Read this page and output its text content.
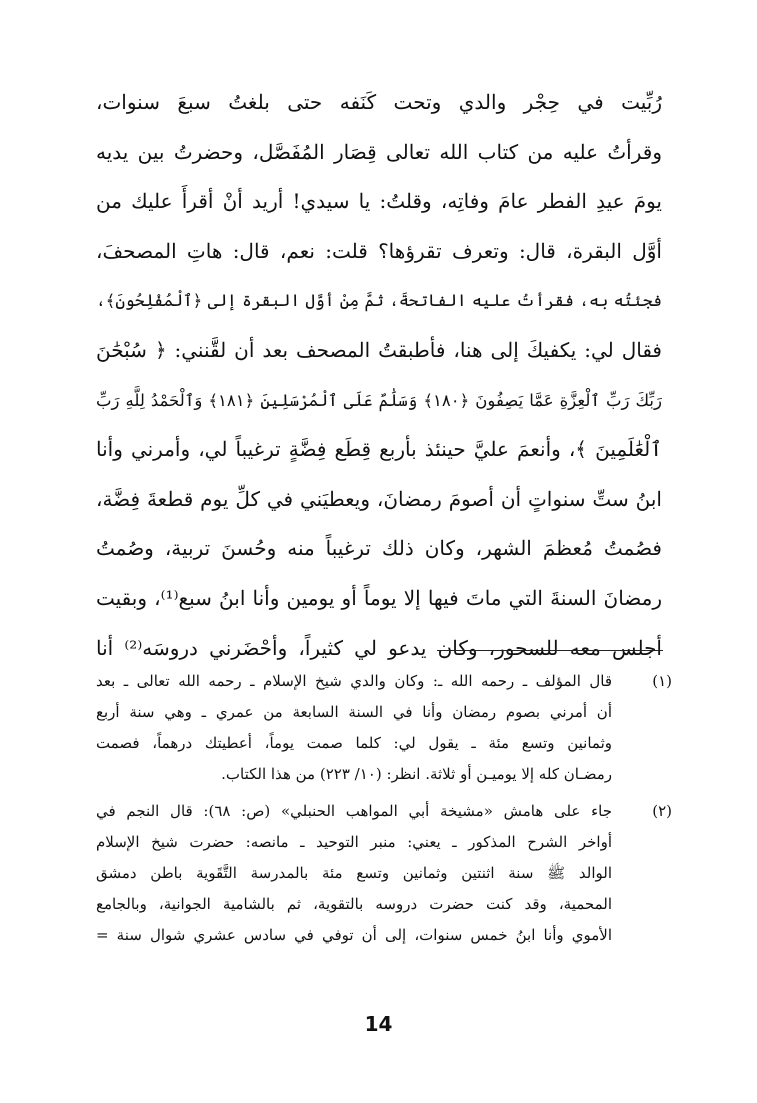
رُبِّيت في حِجْر والدي وتحت كَنَفه حتى بلغتُ سبعَ سنوات،
وقرأتُ عليه من كتاب الله تعالى قِصَار المُفَصَّل، وحضرتُ بين يديه
يومَ عيدِ الفطر عامَ وفاتِه، وقلتُ: يا سيدي! أريد أنْ أقرأَ عليك من
أوَّل البقرة، قال: وتعرف تقرؤها؟ قلت: نعم، قال: هاتِ المصحفَ،
فجئتُه به، فقرأتُ عليه الفاتحةَ، ثمَّ مِنْ أوَّل البقرة إلى ﴿ٱلْمُفْلِحُونَ﴾،
فقال لي: يكفيكَ إلى هنا، فأطبقتُ المصحف بعد أن لقَّنني: ﴿ سُبْحَٰنَ
رَبِّكَ رَبِّ ٱلْعِزَّةِ عَمَّا يَصِفُونَ ﴿١٨٠﴾ وَسَلَٰمٌ عَلَى ٱلْمُرْسَلِينَ ﴿١٨١﴾ وَٱلْحَمْدُ لِلَّهِ رَبِّ
ٱلْعَٰلَمِينَ ﴾، وأنعمَ عليَّ حينئذ بأربع قِطَع فِضَّةٍ ترغيباً لي، وأمرني وأنا
ابنُ ستِّ سنواتٍ أن أصومَ رمضانَ، ويعطيَني في كلِّ يوم قطعةَ فِضَّة،
فصُمتُ مُعظمَ الشهر، وكان ذلك ترغيباً منه وحُسنَ تربية، وصُمتُ
رمضانَ السنةَ التي ماتَ فيها إلا يوماً أو يومين وأنا ابنُ سبع⁽¹⁾، وبقيت
أجلس معه للسحور، وكان يدعو لي كثيراً، وأحْضَرني دروسَه⁽²⁾ أنا
(١)
قال المؤلف ـ رحمه الله ـ: وكان والدي شيخ الإسلام ـ رحمه الله تعالى ـ بعد
أن أمرني بصوم رمضان وأنا في السنة السابعة من عمري ـ وهي سنة أربع
وثمانين وتسع مئة ـ يقول لي: كلما صمت يوماً، أعطيتك درهماً، فصمت
رمضـان كله إلا يوميـن أو ثلاثة. انظر: (١٠/ ٢٢٣) من هذا الكتاب.
(٢)
جاء على هامش «مشيخة أبي المواهب الحنبلي» (ص: ٦٨): قال النجم في
أواخر الشرح المذكور ـ يعني: منبر التوحيد ـ مانصه: حضرت شيخ الإسلام
الوالد ﷺ سنة اثنتين وثمانين وتسع مئة بالمدرسة التَّقَوية باطن دمشق
المحمية، وقد كنت حضرت دروسه بالتقوية، ثم بالشامية الجوانية، وبالجامع
الأموي وأنا ابنُ خمس سنوات، إلى أن توفي في سادس عشري شوال سنة =
14
